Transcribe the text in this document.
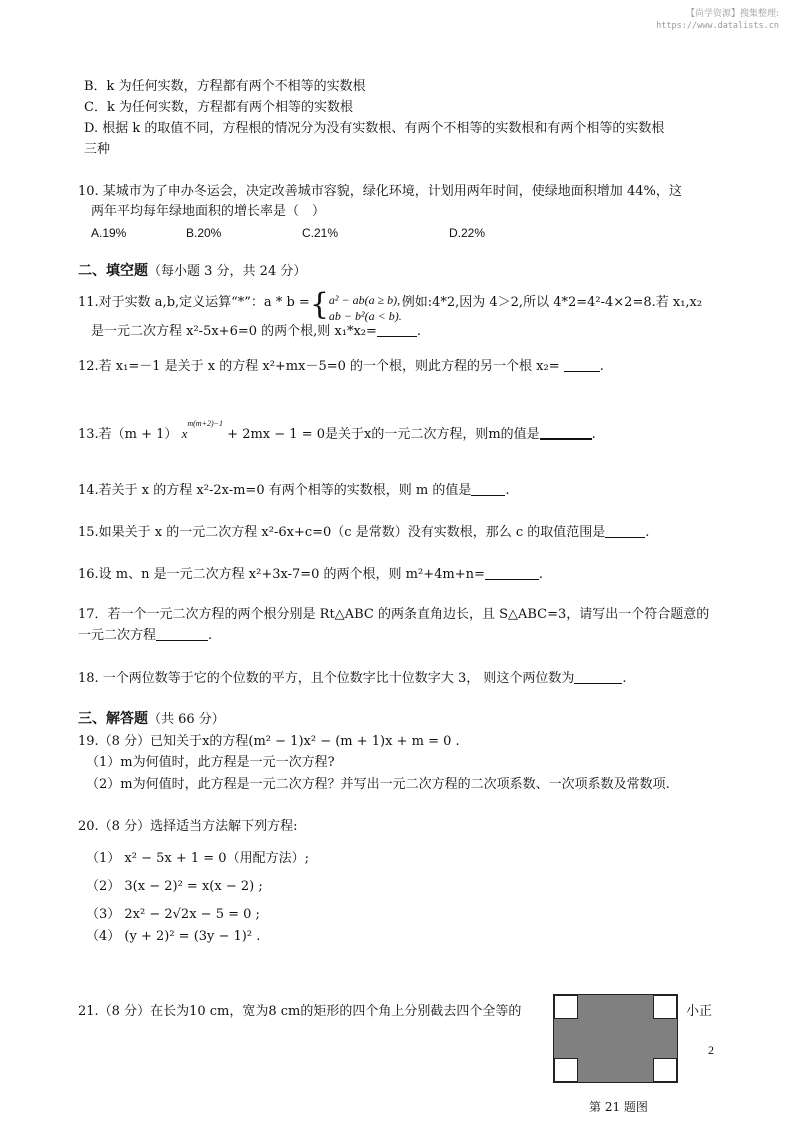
【尚学资源】搜集整理:
https://www.datalists.cn
B．k 为任何实数，方程都有两个不相等的实数根
C．k 为任何实数，方程都有两个相等的实数根
D. 根据 k 的取值不同，方程根的情况分为没有实数根、有两个不相等的实数根和有两个相等的实数根
三种
10. 某城市为了申办冬运会，决定改善城市容貌，绿化环境，计划用两年时间，使绿地面积增加 44%，这
两年平均每年绿地面积的增长率是（　）
A.19%	B.20%	C.21%	D.22%
二、填空题（每小题 3 分，共 24 分）
11.对于实数 a,b,定义运算“*”：a * b ={a² − ab(a ≥ b),
ab − b²(a < b).例如:4*2,因为 4＞2,所以 4*2=4²-4×2=8.若 x₁,x₂
是一元二次方程 x²-5x+6=0 的两个根,则 x₁*x₂=	.
12.若 x₁=－1 是关于 x 的方程 x²+mx－5=0 的一个根，则此方程的另一个根 x₂=	.
13.若（m + 1） $x^{m(m+2)-1} + 2mx - 1 = 0$是关于x的一元二次方程，则m的值是	.
14.若关于 x 的方程 x²-2x-m=0 有两个相等的实数根，则 m 的值是	.
15.如果关于 x 的一元二次方程 x²-6x+c=0（c 是常数）没有实数根，那么 c 的取值范围是	.
16.设 m、n 是一元二次方程 x²+3x-7=0 的两个根，则 m²+4m+n=	.
17．若一个一元二次方程的两个根分别是 Rt△ABC 的两条直角边长，且 S△ABC=3，请写出一个符合题意的
一元二次方程	.
18. 一个两位数等于它的个位数的平方，且个位数字比十位数字大 3， 则这个两位数为	.
三、解答题（共 66 分）
19.（8 分）已知关于x的方程(m² − 1)x² − (m + 1)x + m = 0 .
（1）m为何值时，此方程是一元一次方程?
（2）m为何值时，此方程是一元二次方程？并写出一元二次方程的二次项系数、一次项系数及常数项.
20.（8 分）选择适当方法解下列方程:
（1） x² − 5x + 1 = 0（用配方法）;
（2） 3(x − 2)² = x(x − 2) ;
（3） 2x² − 2√2x − 5 = 0 ;
（4） (y + 2)² = (3y − 1)² .
21.（8 分）在长为10 cm，宽为8 cm的矩形的四个角上分别截去四个全等的	小正
2
第 21 题图
